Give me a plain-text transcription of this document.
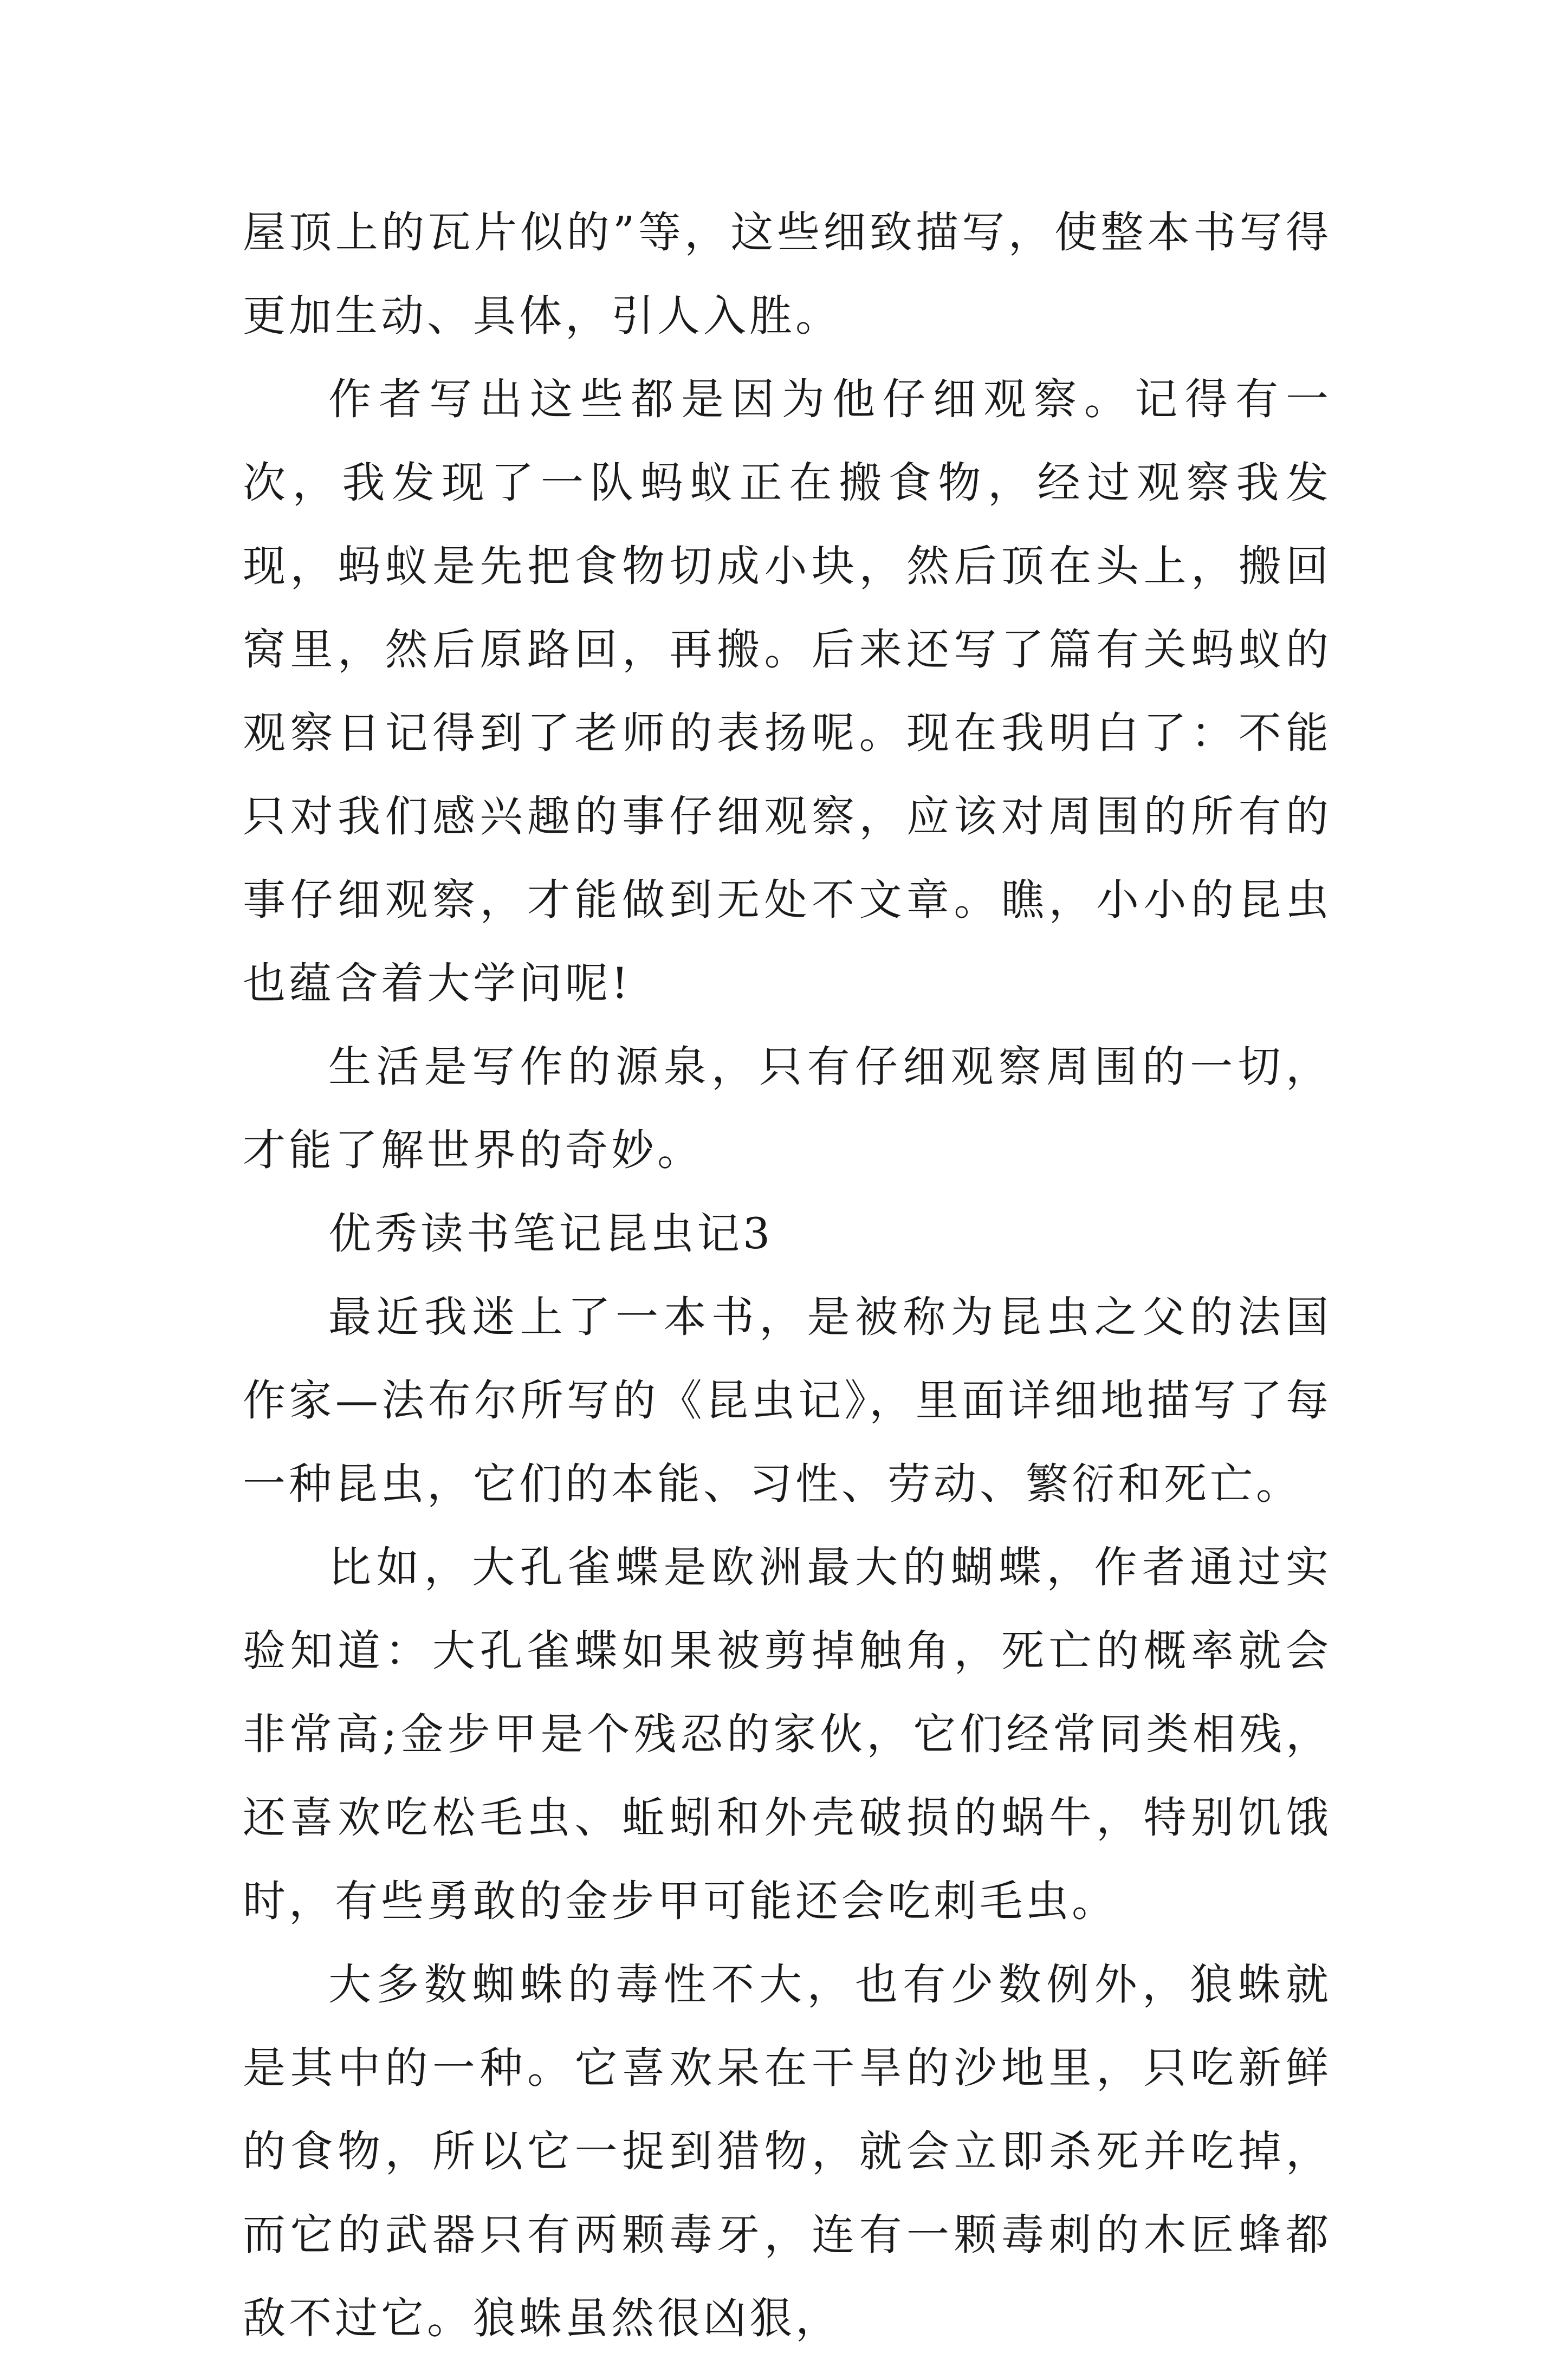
屋顶上的瓦片似的”等，这些细致描写，使整本书写得更加生动、具体，引人入胜。

作者写出这些都是因为他仔细观察。记得有一次，我发现了一队蚂蚁正在搬食物，经过观察我发现，蚂蚁是先把食物切成小块，然后顶在头上，搬回窝里，然后原路回，再搬。后来还写了篇有关蚂蚁的观察日记得到了老师的表扬呢。现在我明白了：不能只对我们感兴趣的事仔细观察，应该对周围的所有的事仔细观察，才能做到无处不文章。瞧，小小的昆虫也蕴含着大学问呢!

生活是写作的源泉，只有仔细观察周围的一切，才能了解世界的奇妙。

优秀读书笔记昆虫记3

最近我迷上了一本书，是被称为昆虫之父的法国作家—法布尔所写的《昆虫记》，里面详细地描写了每一种昆虫，它们的本能、习性、劳动、繁衍和死亡。

比如，大孔雀蝶是欧洲最大的蝴蝶，作者通过实验知道：大孔雀蝶如果被剪掉触角，死亡的概率就会非常高;金步甲是个残忍的家伙，它们经常同类相残，还喜欢吃松毛虫、蚯蚓和外壳破损的蜗牛，特别饥饿时，有些勇敢的金步甲可能还会吃刺毛虫。

大多数蜘蛛的毒性不大，也有少数例外，狼蛛就是其中的一种。它喜欢呆在干旱的沙地里，只吃新鲜的食物，所以它一捉到猎物，就会立即杀死并吃掉，而它的武器只有两颗毒牙，连有一颗毒刺的木匠蜂都敌不过它。狼蛛虽然很凶狠，
